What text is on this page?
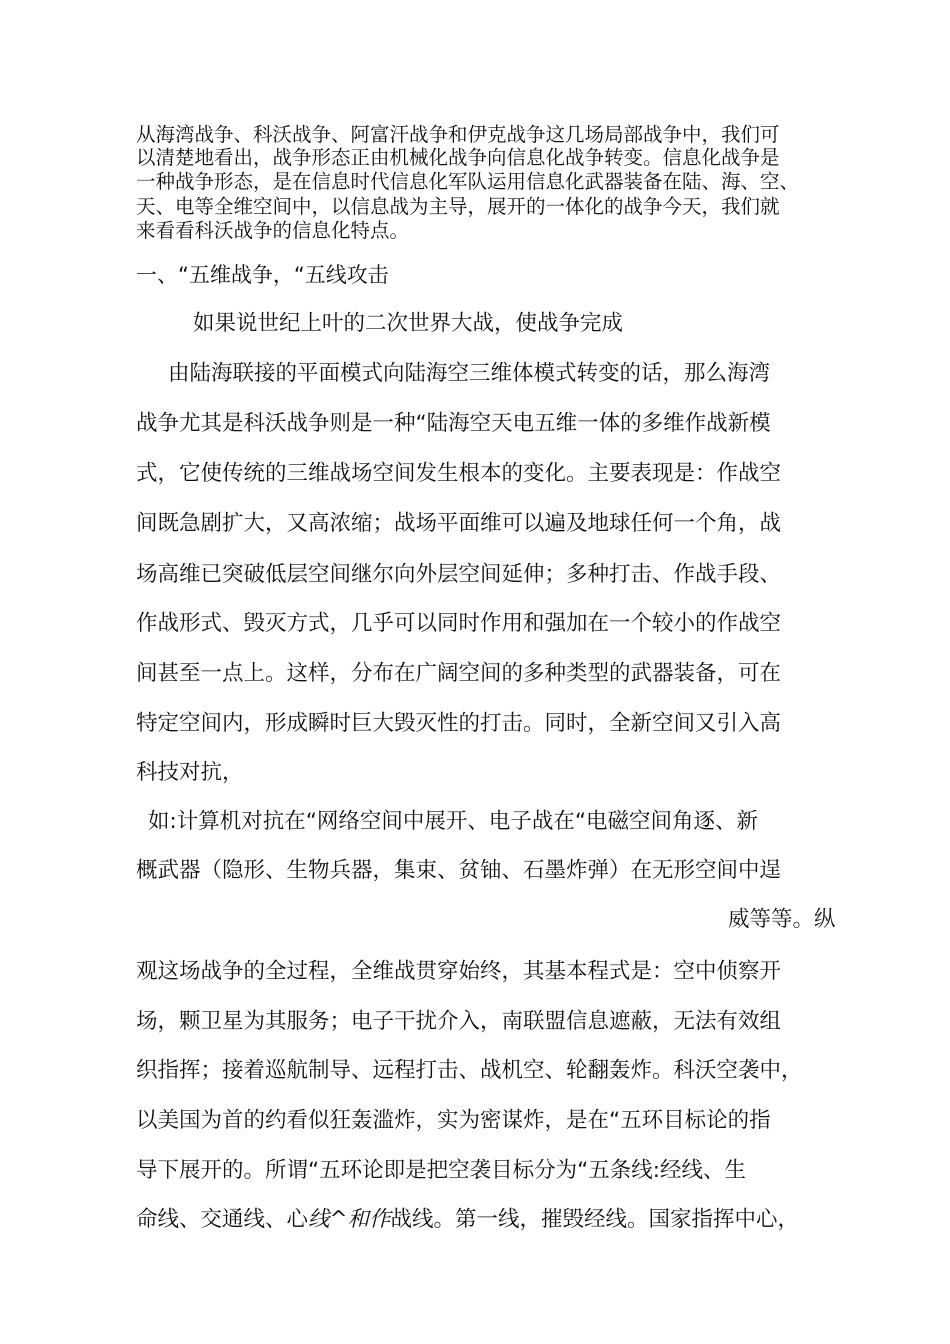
从海湾战争、科沃战争、阿富汗战争和伊克战争这几场局部战争中，我们可

以清楚地看出，战争形态正由机械化战争向信息化战争转变。信息化战争是

一种战争形态，是在信息时代信息化军队运用信息化武器装备在陆、海、空、

天、电等全维空间中，以信息战为主导，展开的一体化的战争今天，我们就

来看看科沃战争的信息化特点。

一、“五维战争，“五线攻击

如果说世纪上叶的二次世界大战，使战争完成

由陆海联接的平面模式向陆海空三维体模式转变的话，那么海湾

战争尤其是科沃战争则是一种“陆海空天电五维一体的多维作战新模

式，它使传统的三维战场空间发生根本的变化。主要表现是：作战空

间既急剧扩大，又高浓缩；战场平面维可以遍及地球任何一个角，战

场高维已突破低层空间继尔向外层空间延伸；多种打击、作战手段、

作战形式、毁灭方式，几乎可以同时作用和强加在一个较小的作战空

间甚至一点上。这样，分布在广阔空间的多种类型的武器装备，可在

特定空间内，形成瞬时巨大毁灭性的打击。同时，全新空间又引入高

科技对抗，

如:计算机对抗在“网络空间中展开、电子战在“电磁空间角逐、新

概武器（隐形、生物兵器，集束、贫铀、石墨炸弹）在无形空间中逞

威等等。纵

观这场战争的全过程，全维战贯穿始终，其基本程式是：空中侦察开

场，颗卫星为其服务；电子干扰介入，南联盟信息遮蔽，无法有效组

织指挥；接着巡航制导、远程打击、战机空、轮翻轰炸。科沃空袭中，

以美国为首的约看似狂轰滥炸，实为密谋炸，是在“五环目标论的指

导下展开的。所谓“五环论即是把空袭目标分为“五条线:经线、生

命线、交通线、心线^和作战线。第一线，摧毁经线。国家指挥中心，
